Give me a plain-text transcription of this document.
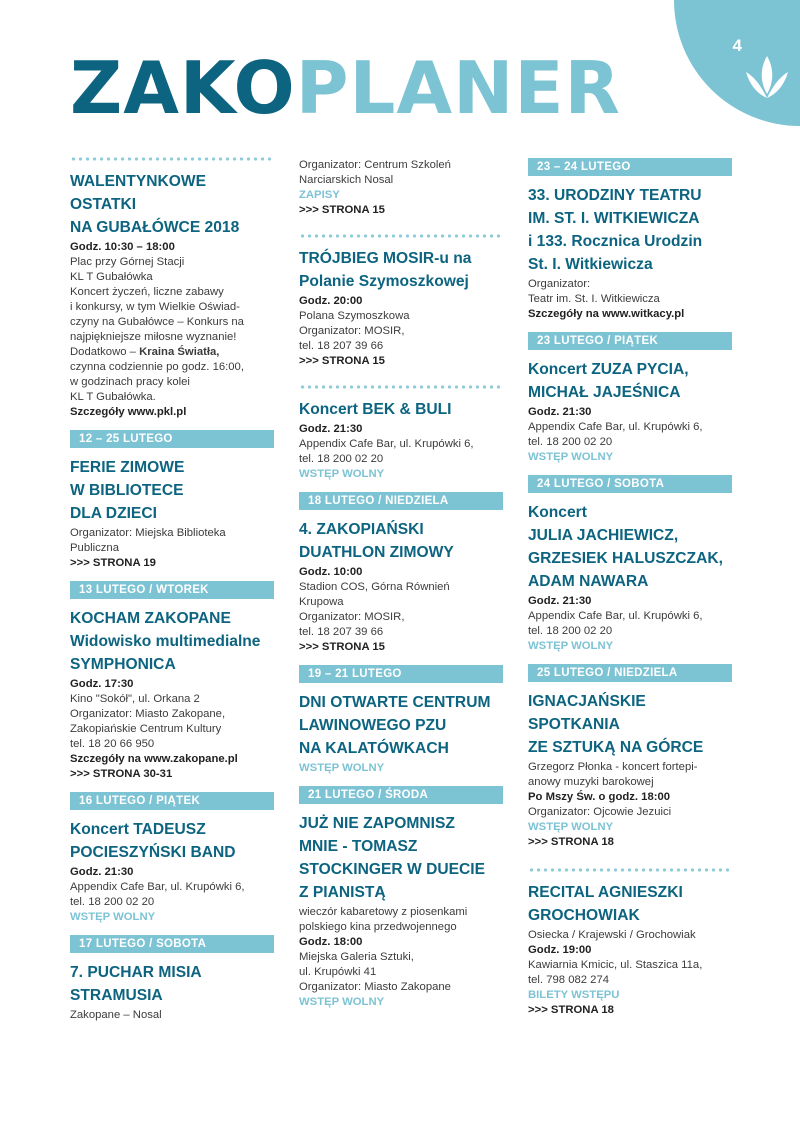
4
ZAKOPLANER
WALENTYNKOWE
OSTATKI
NA GUBAŁÓWCE 2018
Godz. 10:30 – 18:00
Plac przy Górnej Stacji
KL T Gubałówka
Koncert życzeń, liczne zabawy
i konkursy, w tym Wielkie Oświad-
czyny na Gubałówce – Konkurs na
najpiękniejsze miłosne wyznanie!
Dodatkowo – Kraina Światła,
czynna codziennie po godz. 16:00,
w godzinach pracy kolei
KL T Gubałówka.
Szczegóły www.pkl.pl
12 – 25 LUTEGO
FERIE ZIMOWE
W BIBLIOTECE
DLA DZIECI
Organizator: Miejska Biblioteka
Publiczna
>>> STRONA 19
13 LUTEGO / WTOREK
KOCHAM ZAKOPANE
Widowisko multimedialne
SYMPHONICA
Godz. 17:30
Kino "Sokół", ul. Orkana 2
Organizator: Miasto Zakopane,
Zakopiańskie Centrum Kultury
tel. 18 20 66 950
Szczegóły na www.zakopane.pl
>>> STRONA 30-31
16 LUTEGO / PIĄTEK
Koncert TADEUSZ
POCIESZYŃSKI BAND
Godz. 21:30
Appendix Cafe Bar, ul. Krupówki 6,
tel. 18 200 02 20
WSTĘP WOLNY
17 LUTEGO / SOBOTA
7. PUCHAR MISIA
STRAMUSIA
Zakopane – Nosal
Organizator: Centrum Szkoleń
Narciarskich Nosal
ZAPISY
>>> STRONA 15
TRÓJBIEG MOSIR-u na
Polanie Szymoszkowej
Godz. 20:00
Polana Szymoszkowa
Organizator: MOSIR,
tel. 18 207 39 66
>>> STRONA 15
Koncert BEK & BULI
Godz. 21:30
Appendix Cafe Bar, ul. Krupówki 6,
tel. 18 200 02 20
WSTĘP WOLNY
18 LUTEGO / NIEDZIELA
4. ZAKOPIAŃSKI
DUATHLON ZIMOWY
Godz. 10:00
Stadion COS, Górna Równień
Krupowa
Organizator: MOSIR,
tel. 18 207 39 66
>>> STRONA 15
19 – 21 LUTEGO
DNI OTWARTE CENTRUM
LAWINOWEGO PZU
NA KALATÓWKACH
WSTĘP WOLNY
21 LUTEGO / ŚRODA
JUŻ NIE ZAPOMNISZ
MNIE - TOMASZ
STOCKINGER W DUECIE
Z PIANISTĄ
wieczór kabaretowy z piosenkami
polskiego kina przedwojennego
Godz. 18:00
Miejska Galeria Sztuki,
ul. Krupówki 41
Organizator: Miasto Zakopane
WSTĘP WOLNY
23 – 24 LUTEGO
33. URODZINY TEATRU
IM. ST. I. WITKIEWICZA
i 133. Rocznica Urodzin
St. I. Witkiewicza
Organizator:
Teatr im. St. I. Witkiewicza
Szczegóły na www.witkacy.pl
23 LUTEGO / PIĄTEK
Koncert ZUZA PYCIA,
MICHAŁ JAJEŚNICA
Godz. 21:30
Appendix Cafe Bar, ul. Krupówki 6,
tel. 18 200 02 20
WSTĘP WOLNY
24 LUTEGO / SOBOTA
Koncert
JULIA JACHIEWICZ,
GRZESIEK HALUSZCZAK,
ADAM NAWARA
Godz. 21:30
Appendix Cafe Bar, ul. Krupówki 6,
tel. 18 200 02 20
WSTĘP WOLNY
25 LUTEGO / NIEDZIELA
IGNACJAŃSKIE
SPOTKANIA
ZE SZTUKĄ NA GÓRCE
Grzegorz Płonka - koncert fortepi-
anowy muzyki barokowej
Po Mszy Św. o godz. 18:00
Organizator: Ojcowie Jezuici
WSTĘP WOLNY
>>> STRONA 18
RECITAL AGNIESZKI
GROCHOWIAK
Osiecka / Krajewski / Grochowiak
Godz. 19:00
Kawiarnia Kmicic, ul. Staszica 11a,
tel. 798 082 274
BILETY WSTĘPU
>>> STRONA 18
